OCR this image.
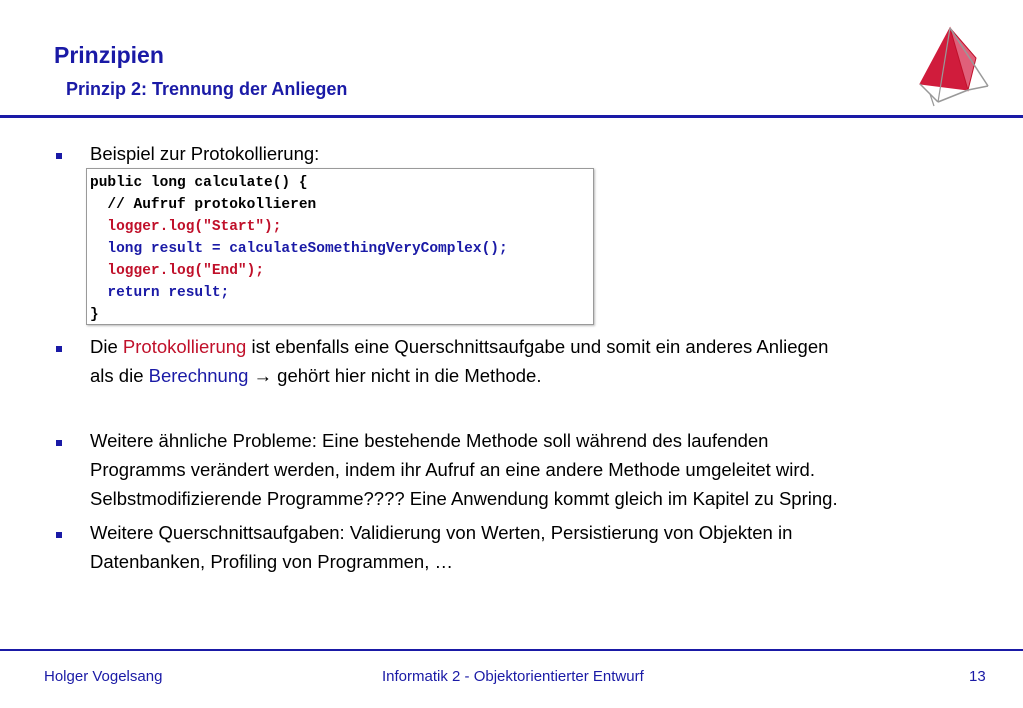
Prinzipien
Prinzip 2: Trennung der Anliegen
Beispiel zur Protokollierung:
public long calculate() {
// Aufruf protokollieren
logger.log("Start");
long result = calculateSomethingVeryComplex();
logger.log("End");
return result;
}
Die Protokollierung ist ebenfalls eine Querschnittsaufgabe und somit ein anderes Anliegen
als die Berechnung → gehört hier nicht in die Methode.
Weitere ähnliche Probleme: Eine bestehende Methode soll während des laufenden
Programms verändert werden, indem ihr Aufruf an eine andere Methode umgeleitet wird.
Selbstmodifizierende Programme???? Eine Anwendung kommt gleich im Kapitel zu Spring.
Weitere Querschnittsaufgaben: Validierung von Werten, Persistierung von Objekten in
Datenbanken, Profiling von Programmen, …
Holger Vogelsang	Informatik 2 - Objektorientierter Entwurf	13
